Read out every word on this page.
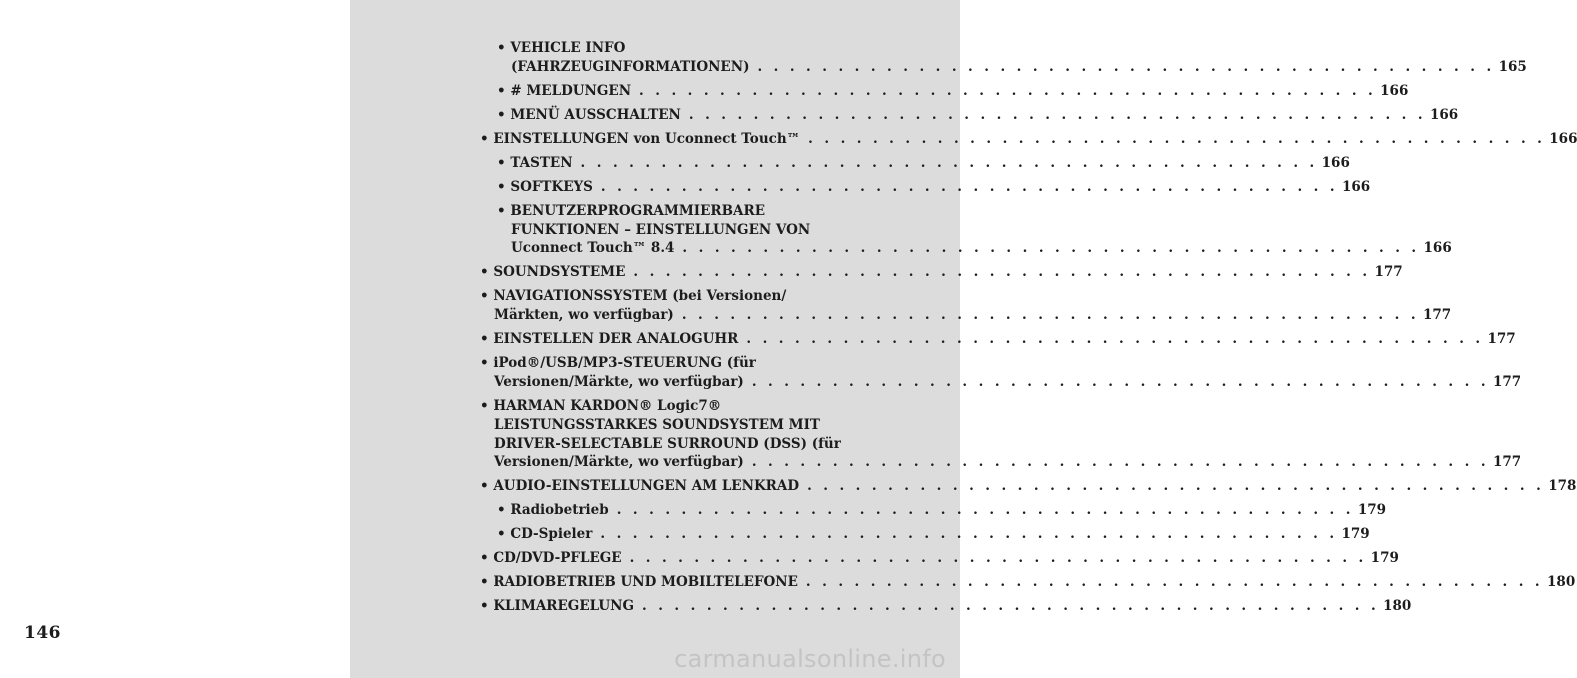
146
• VEHICLE INFO
(FAHRZEUGINFORMATIONEN) . . . . . . . . . . . . . . . . . . . . . . . . . . . . . . . . . . . . . . . . . . . . . . 165
• # MELDUNGEN . . . . . . . . . . . . . . . . . . . . . . . . . . . . . . . . . . . . . . . . . . . . . . 166
• MENÜ AUSSCHALTEN . . . . . . . . . . . . . . . . . . . . . . . . . . . . . . . . . . . . . . . . . . . . . . 166
• EINSTELLUNGEN von Uconnect Touch™ . . . . . . . . . . . . . . . . . . . . . . . . . . . . . . . . . . . . . . . . . . . . . . 166
• TASTEN . . . . . . . . . . . . . . . . . . . . . . . . . . . . . . . . . . . . . . . . . . . . . . 166
• SOFTKEYS . . . . . . . . . . . . . . . . . . . . . . . . . . . . . . . . . . . . . . . . . . . . . . 166
• BENUTZERPROGRAMMIERBARE
FUNKTIONEN – EINSTELLUNGEN VON
Uconnect Touch™ 8.4 . . . . . . . . . . . . . . . . . . . . . . . . . . . . . . . . . . . . . . . . . . . . . . 166
• SOUNDSYSTEME . . . . . . . . . . . . . . . . . . . . . . . . . . . . . . . . . . . . . . . . . . . . . . 177
• NAVIGATIONSSYSTEM (bei Versionen/
Märkten, wo verfügbar) . . . . . . . . . . . . . . . . . . . . . . . . . . . . . . . . . . . . . . . . . . . . . . 177
• EINSTELLEN DER ANALOGUHR . . . . . . . . . . . . . . . . . . . . . . . . . . . . . . . . . . . . . . . . . . . . . . 177
• iPod®/USB/MP3-STEUERUNG (für
Versionen/Märkte, wo verfügbar) . . . . . . . . . . . . . . . . . . . . . . . . . . . . . . . . . . . . . . . . . . . . . . 177
• HARMAN KARDON® Logic7®
LEISTUNGSSTARKES SOUNDSYSTEM MIT
DRIVER-SELECTABLE SURROUND (DSS) (für
Versionen/Märkte, wo verfügbar) . . . . . . . . . . . . . . . . . . . . . . . . . . . . . . . . . . . . . . . . . . . . . . 177
• AUDIO-EINSTELLUNGEN AM LENKRAD . . . . . . . . . . . . . . . . . . . . . . . . . . . . . . . . . . . . . . . . . . . . . . 178
• Radiobetrieb . . . . . . . . . . . . . . . . . . . . . . . . . . . . . . . . . . . . . . . . . . . . . . 179
• CD-Spieler . . . . . . . . . . . . . . . . . . . . . . . . . . . . . . . . . . . . . . . . . . . . . . 179
• CD/DVD-PFLEGE . . . . . . . . . . . . . . . . . . . . . . . . . . . . . . . . . . . . . . . . . . . . . . 179
• RADIOBETRIEB UND MOBILTELEFONE . . . . . . . . . . . . . . . . . . . . . . . . . . . . . . . . . . . . . . . . . . . . . . 180
• KLIMAREGELUNG . . . . . . . . . . . . . . . . . . . . . . . . . . . . . . . . . . . . . . . . . . . . . . 180
carmanualsonline.info
